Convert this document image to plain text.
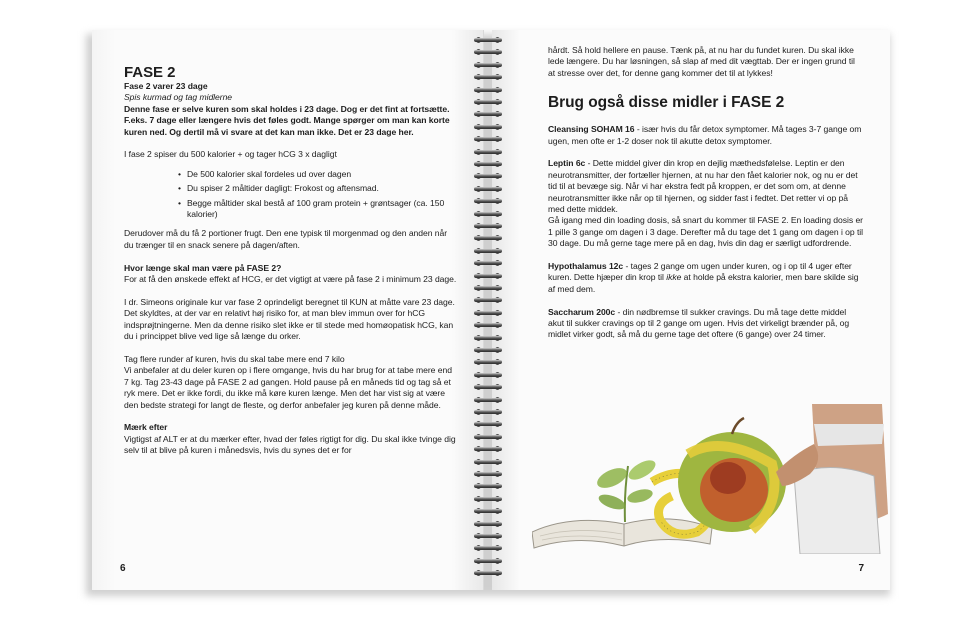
FASE 2

Fase 2 varer 23 dage

Spis kurmad og tag midlerne

Denne fase er selve kuren som skal holdes i 23 dage. Dog er det fint at fortsætte. F.eks. 7 dage eller længere hvis det føles godt. Mange spørger om man kan korte kuren ned. Og dertil må vi svare at det kan man ikke. Det er 23 dage her.

I fase 2 spiser du 500 kalorier + og tager hCG 3 x dagligt

• De 500 kalorier skal fordeles ud over dagen
• Du spiser 2 måltider dagligt: Frokost og aftensmad.
• Begge måltider skal bestå af 100 gram protein + grøntsager (ca. 150 kalorier)

Derudover må du få 2 portioner frugt. Den ene typisk til morgenmad og den anden når du trænger til en snack senere på dagen/aften.

Hvor længe skal man være på FASE 2?

For at få den ønskede effekt af HCG, er det vigtigt at være på fase 2 i minimum 23 dage.

I dr. Simeons originale kur var fase 2 oprindeligt beregnet til KUN at måtte vare 23 dage. Det skyldtes, at der var en relativt høj risiko for, at man blev immun over for hCG indsprøjtningerne. Men da denne risiko slet ikke er til stede med homøopatisk hCG, kan du i princippet blive ved lige så længe du orker.

Tag flere runder af kuren, hvis du skal tabe mere end 7 kilo

Vi anbefaler at du deler kuren op i flere omgange, hvis du har brug for at tabe mere end 7 kg. Tag 23-43 dage på FASE 2 ad gangen. Hold pause på en måneds tid og tag så et ryk mere. Det er ikke fordi, du ikke må køre kuren længe. Men det har vist sig at være den bedste strategi for langt de fleste, og derfor anbefaler jeg kuren på denne måde.

Mærk efter

Vigtigst af ALT er at du mærker efter, hvad der føles rigtigt for dig. Du skal ikke tvinge dig selv til at blive på kuren i månedsvis, hvis du synes det er for

6

hårdt. Så hold hellere en pause. Tænk på, at nu har du fundet kuren. Du skal ikke lede længere. Du har løsningen, så slap af med dit vægttab. Der er ingen grund til at stresse over det, for denne gang kommer det til at lykkes!

Brug også disse midler i FASE 2

Cleansing SOHAM 16 - især hvis du får detox symptomer. Må tages 3-7 gange om ugen, men ofte er 1-2 doser nok til akutte detox symptomer.

Leptin 6c - Dette middel giver din krop en dejlig mæthedsfølelse. Leptin er den neurotransmitter, der fortæller hjernen, at nu har den fået kalorier nok, og nu er det tid til at bevæge sig. Når vi har ekstra fedt på kroppen, er det som om, at denne neurotransmitter ikke når op til hjernen, og sidder fast i fedtet. Det retter vi op på med dette middek.

Gå igang med din loading dosis, så snart du kommer til FASE 2. En loading dosis er 1 pille 3 gange om dagen i 3 dage. Derefter må du tage det 1 gang om dagen i op til 30 dage. Du må gerne tage mere på en dag, hvis din dag er særligt udfordrende.

Hypothalamus 12c - tages 2 gange om ugen under kuren, og i op til 4 uger efter kuren. Dette hjæper din krop til ikke at holde på ekstra kalorier, men bare skilde sig af med dem.

Saccharum 200c - din nødbremse til sukker cravings. Du må tage dette middel akut til sukker cravings op til 2 gange om ugen. Hvis det virkeligt brænder på, og midlet virker godt, så må du gerne tage det oftere (6 gange) over 24 timer.

7
